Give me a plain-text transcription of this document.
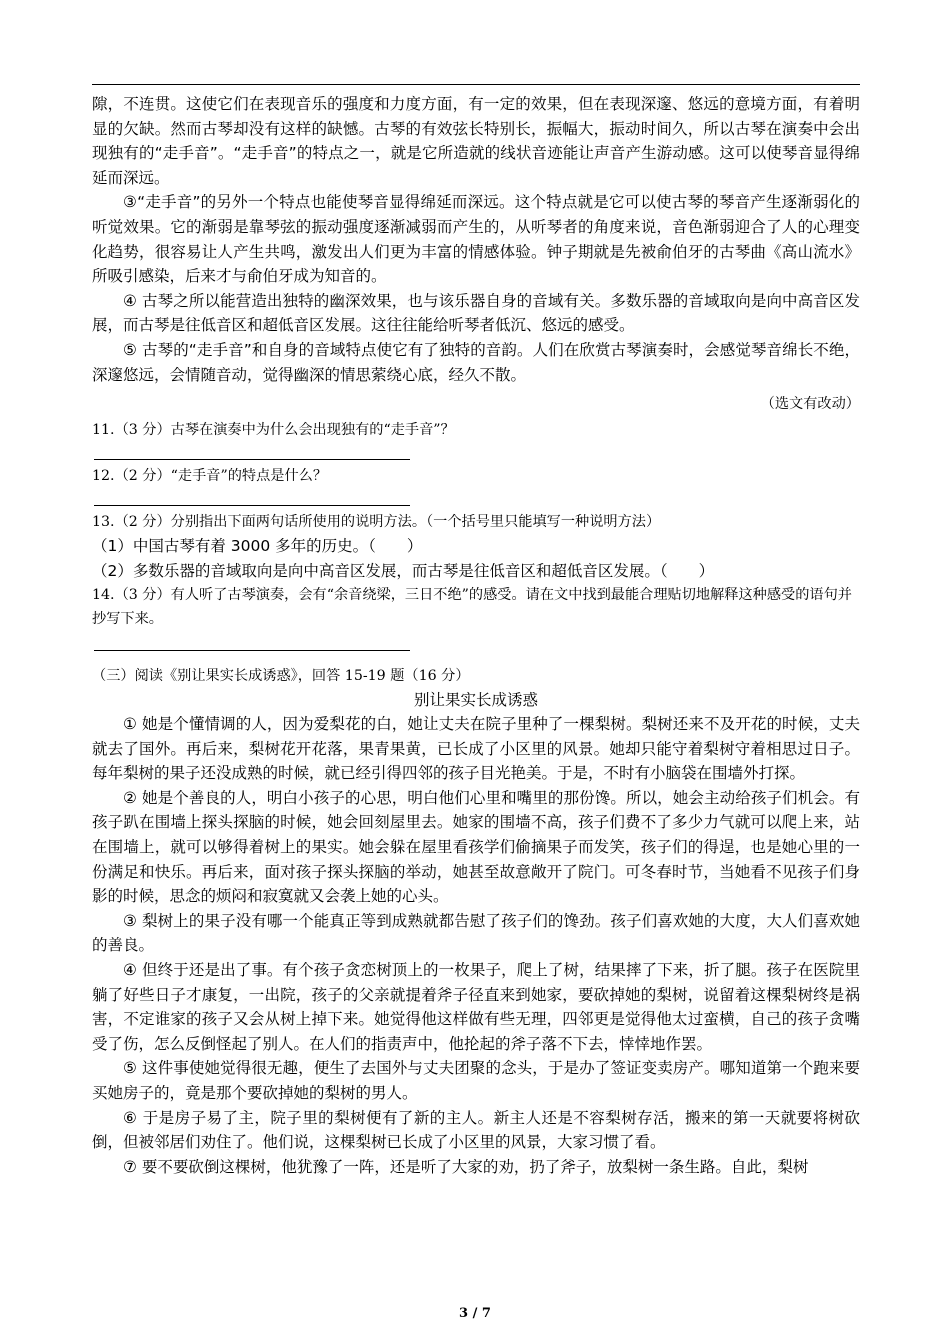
隙，不连贯。这使它们在表现音乐的强度和力度方面，有一定的效果，但在表现深邃、悠远的意境方面，有着明显的欠缺。然而古琴却没有这样的缺憾。古琴的有效弦长特别长，振幅大，振动时间久，所以古琴在演奏中会出现独有的“走手音”。“走手音”的特点之一，就是它所造就的线状音迹能让声音产生游动感。这可以使琴音显得绵延而深远。

③“走手音”的另外一个特点也能使琴音显得绵延而深远。这个特点就是它可以使古琴的琴音产生逐渐弱化的听觉效果。它的渐弱是靠琴弦的振动强度逐渐减弱而产生的，从听琴者的角度来说，音色渐弱迎合了人的心理变化趋势，很容易让人产生共鸣，激发出人们更为丰富的情感体验。钟子期就是先被俞伯牙的古琴曲《高山流水》所吸引感染，后来才与俞伯牙成为知音的。

④ 古琴之所以能营造出独特的幽深效果，也与该乐器自身的音域有关。多数乐器的音域取向是向中高音区发展，而古琴是往低音区和超低音区发展。这往往能给听琴者低沉、悠远的感受。

⑤ 古琴的“走手音”和自身的音域特点使它有了独特的音韵。人们在欣赏古琴演奏时，会感觉琴音绵长不绝，深邃悠远，会情随音动，觉得幽深的情思萦绕心底，经久不散。

（选文有改动）

11.（3 分）古琴在演奏中为什么会出现独有的“走手音”？

12.（2 分）“走手音”的特点是什么？

13.（2 分）分别指出下面两句话所使用的说明方法。（一个括号里只能填写一种说明方法）

（1）中国古琴有着 3000 多年的历史。（　　）

（2）多数乐器的音域取向是向中高音区发展，而古琴是往低音区和超低音区发展。（　　）

14.（3 分）有人听了古琴演奏，会有“余音绕梁，三日不绝”的感受。请在文中找到最能合理贴切地解释这种感受的语句并抄写下来。

（三）阅读《别让果实长成诱惑》，回答 15-19 题（16 分）

别让果实长成诱惑

① 她是个懂情调的人，因为爱梨花的白，她让丈夫在院子里种了一棵梨树。梨树还来不及开花的时候，丈夫就去了国外。再后来，梨树花开花落，果青果黄，已长成了小区里的风景。她却只能守着梨树守着相思过日子。每年梨树的果子还没成熟的时候，就已经引得四邻的孩子目光艳美。于是，不时有小脑袋在围墙外打探。

② 她是个善良的人，明白小孩子的心思，明白他们心里和嘴里的那份馋。所以，她会主动给孩子们机会。有孩子趴在围墙上探头探脑的时候，她会回刻屋里去。她家的围墙不高，孩子们费不了多少力气就可以爬上来，站在围墙上，就可以够得着树上的果实。她会躲在屋里看孩学们偷摘果子而发笑，孩子们的得逞，也是她心里的一份满足和快乐。再后来，面对孩子探头探脑的举动，她甚至故意敞开了院门。可冬春时节，当她看不见孩子们身影的时候，思念的烦闷和寂寞就又会袭上她的心头。

③ 梨树上的果子没有哪一个能真正等到成熟就都告慰了孩子们的馋劲。孩子们喜欢她的大度，大人们喜欢她的善良。

④ 但终于还是出了事。有个孩子贪恋树顶上的一枚果子，爬上了树，结果摔了下来，折了腿。孩子在医院里躺了好些日子才康复，一出院，孩子的父亲就提着斧子径直来到她家，要砍掉她的梨树，说留着这棵梨树终是祸害，不定谁家的孩子又会从树上掉下来。她觉得他这样做有些无理，四邻更是觉得他太过蛮横，自己的孩子贪嘴受了伤，怎么反倒怪起了别人。在人们的指责声中，他抡起的斧子落不下去，悻悻地作罢。

⑤ 这件事使她觉得很无趣，便生了去国外与丈夫团聚的念头，于是办了签证变卖房产。哪知道第一个跑来要买她房子的，竟是那个要砍掉她的梨树的男人。

⑥ 于是房子易了主，院子里的梨树便有了新的主人。新主人还是不容梨树存活，搬来的第一天就要将树砍倒，但被邻居们劝住了。他们说，这棵梨树已长成了小区里的风景，大家习惯了看。

⑦ 要不要砍倒这棵树，他犹豫了一阵，还是听了大家的劝，扔了斧子，放梨树一条生路。自此，梨树

3 / 7
